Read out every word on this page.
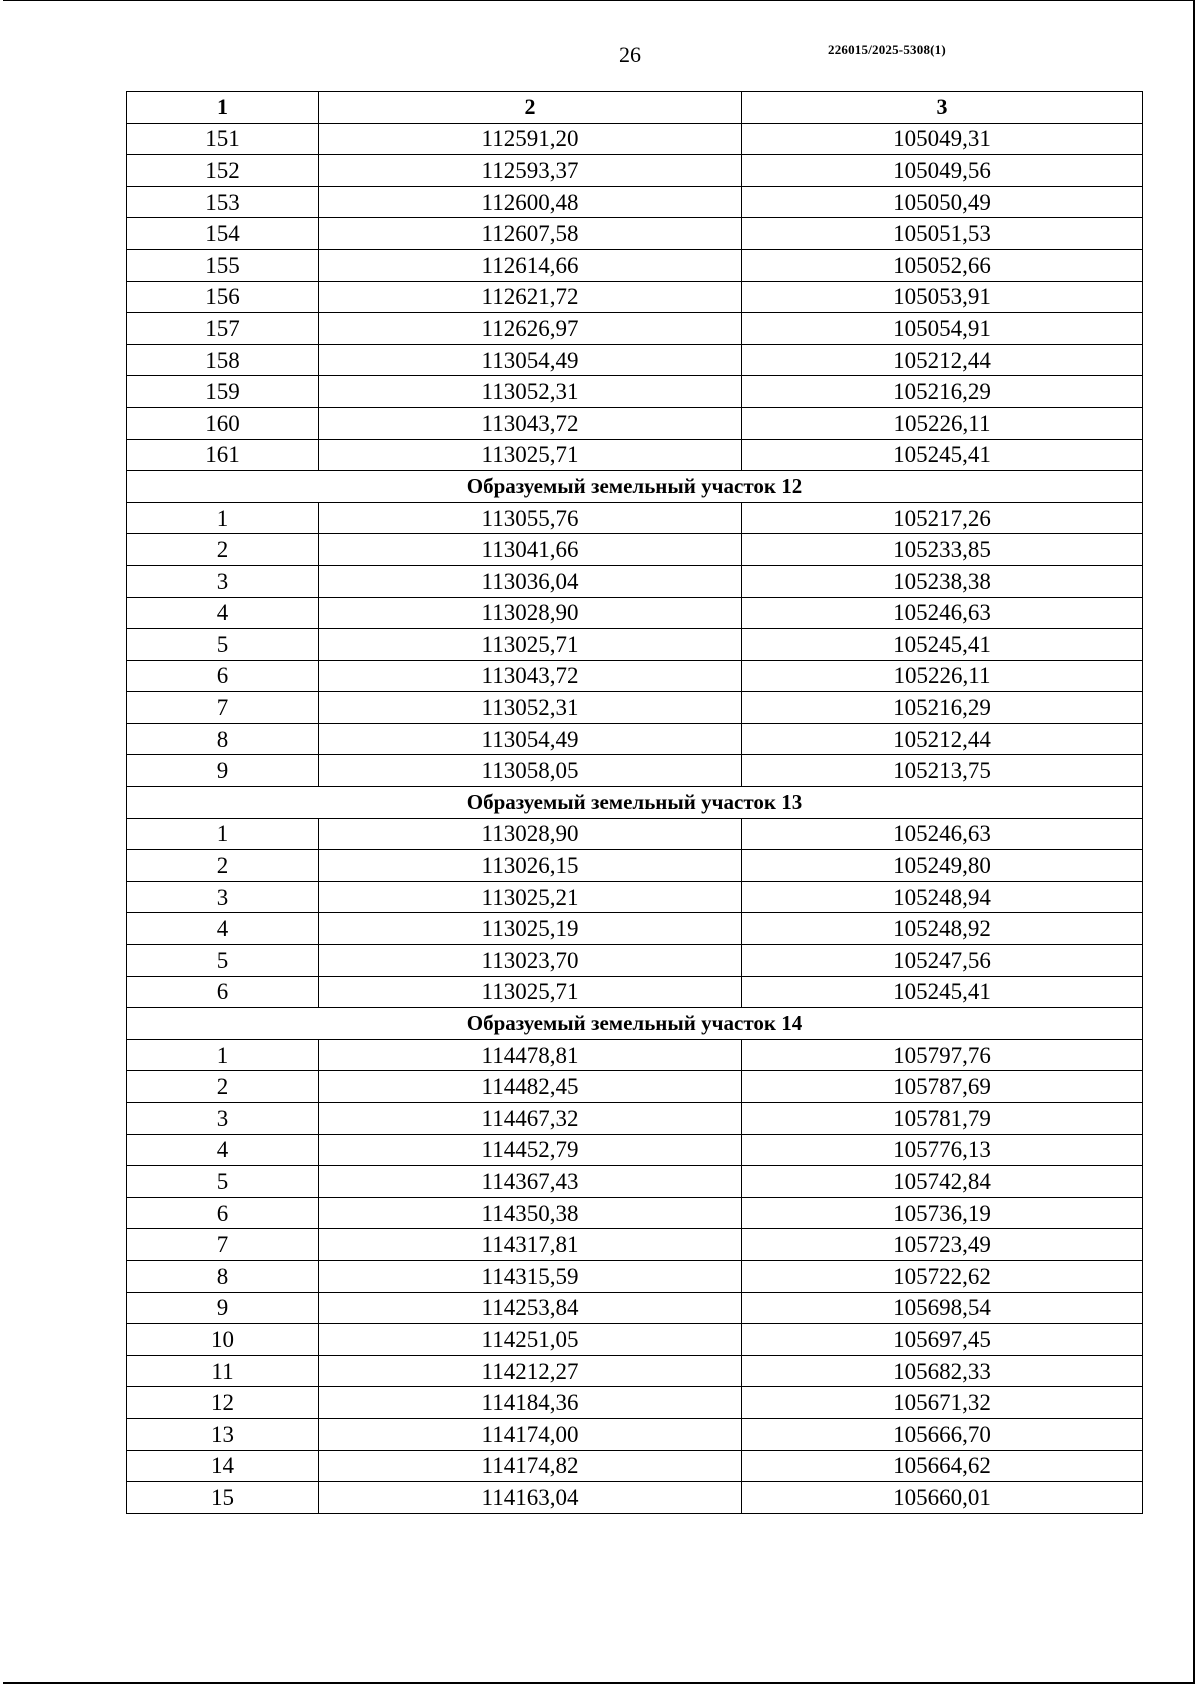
26	226015/2025-5308(1)
1	2	3
151	112591,20	105049,31
152	112593,37	105049,56
153	112600,48	105050,49
154	112607,58	105051,53
155	112614,66	105052,66
156	112621,72	105053,91
157	112626,97	105054,91
158	113054,49	105212,44
159	113052,31	105216,29
160	113043,72	105226,11
161	113025,71	105245,41
Образуемый земельный участок 12		
1	113055,76	105217,26
2	113041,66	105233,85
3	113036,04	105238,38
4	113028,90	105246,63
5	113025,71	105245,41
6	113043,72	105226,11
7	113052,31	105216,29
8	113054,49	105212,44
9	113058,05	105213,75
Образуемый земельный участок 13		
1	113028,90	105246,63
2	113026,15	105249,80
3	113025,21	105248,94
4	113025,19	105248,92
5	113023,70	105247,56
6	113025,71	105245,41
Образуемый земельный участок 14		
1	114478,81	105797,76
2	114482,45	105787,69
3	114467,32	105781,79
4	114452,79	105776,13
5	114367,43	105742,84
6	114350,38	105736,19
7	114317,81	105723,49
8	114315,59	105722,62
9	114253,84	105698,54
10	114251,05	105697,45
11	114212,27	105682,33
12	114184,36	105671,32
13	114174,00	105666,70
14	114174,82	105664,62
15	114163,04	105660,01
